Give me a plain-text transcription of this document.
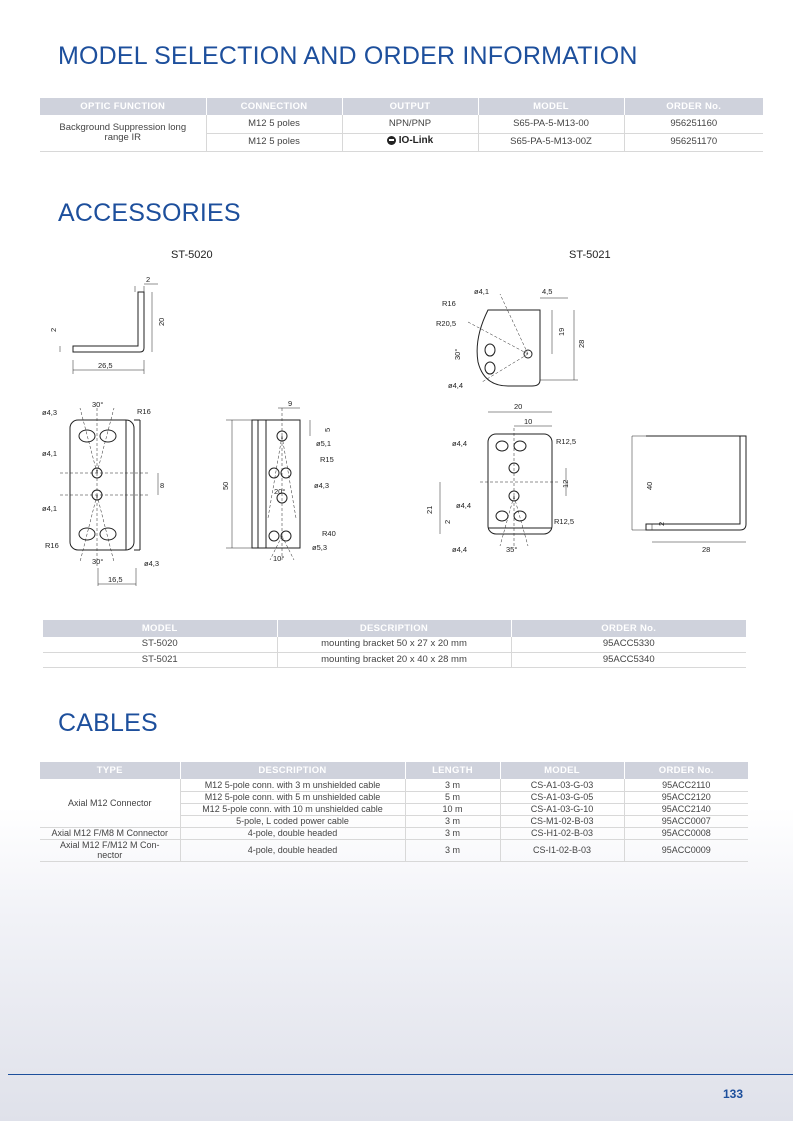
MODEL SELECTION AND ORDER INFORMATION
OPTIC FUNCTION	CONNECTION	OUTPUT	MODEL	ORDER No.
Background Suppression long range IR	M12 5 poles	NPN/PNP	S65-PA-5-M13-00	956251160
	M12 5 poles	IO-Link	S65-PA-5-M13-00Z	956251170
ACCESSORIES
ST-5020	ST-5021
2
2
20
26,5
30°
R16
ø4,3
ø4,1
8
ø4,1
R16
30°	ø4,3
16,5
9
5
ø5,1
R15
20°
ø4,3
50
R40
10°
ø5,3
ø4,1	4,5
R16
R20,5
19
28
30°
ø4,4
20
10
ø4,4	R12,5
12
21
2
ø4,4
R12,5
ø4,4	35°
40
2
28
MODEL	DESCRIPTION	ORDER No.
ST-5020	mounting bracket 50 x 27 x 20 mm	95ACC5330
ST-5021	mounting bracket 20 x 40 x 28 mm	95ACC5340
CABLES
TYPE	DESCRIPTION	LENGTH	MODEL	ORDER No.
Axial M12 Connector	M12 5-pole conn. with 3 m unshielded cable	3 m	CS-A1-03-G-03	95ACC2110
	M12 5-pole conn. with 5 m unshielded cable	5 m	CS-A1-03-G-05	95ACC2120
	M12 5-pole conn. with 10 m unshielded cable	10 m	CS-A1-03-G-10	95ACC2140
	5-pole, L coded power cable	3 m	CS-M1-02-B-03	95ACC0007
Axial M12 F/M8 M Connector	4-pole, double headed	3 m	CS-H1-02-B-03	95ACC0008
Axial M12 F/M12 M Con-nector	4-pole, double headed	3 m	CS-I1-02-B-03	95ACC0009
133
